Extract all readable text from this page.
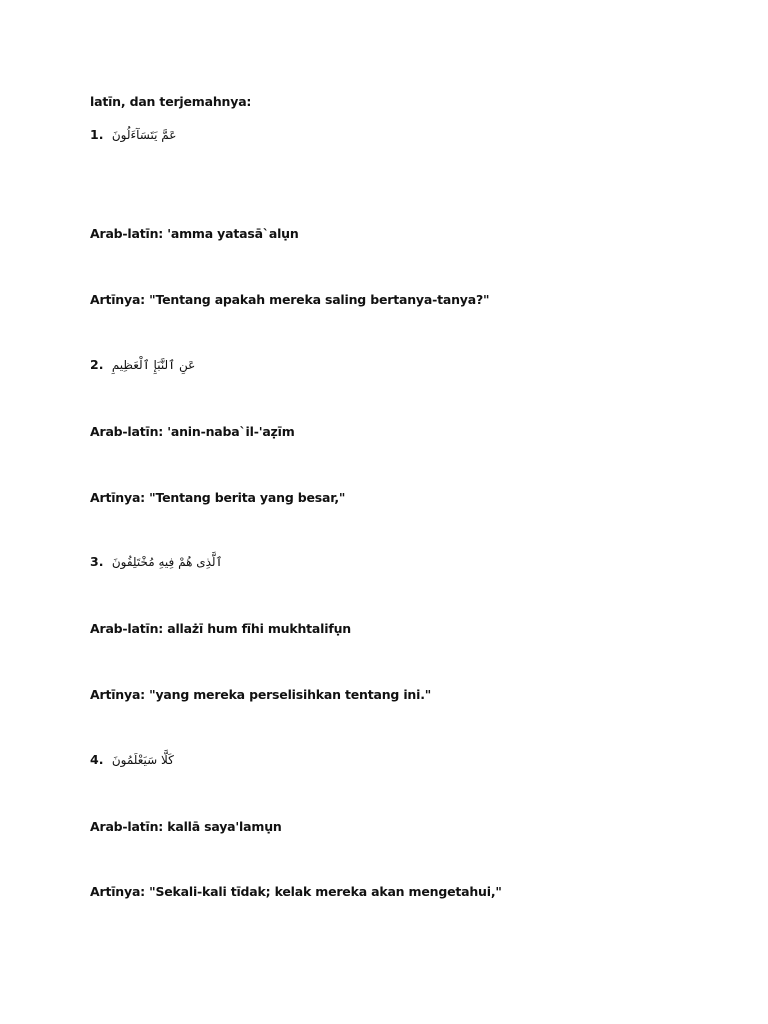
latīn, dan terjemahnya:
1. عَمَّ يَتَسَآءَلُونَ
Arab-latīn: 'amma yatasā`alụn
Artīnya: "Tentang apakah mereka saling bertanya-tanya?"
2. عَنِ ٱلنَّبَإِ ٱلْعَظِيمِ
Arab-latīn: 'anin-naba`il-'aẓīm
Artīnya: "Tentang berita yang besar,"
3. ٱلَّذِى هُمْ فِيهِ مُخْتَلِفُونَ
Arab-latīn: allażī hum fīhi mukhtalifụn
Artīnya: "yang mereka perselisihkan tentang ini."
4. كَلَّا سَيَعْلَمُونَ
Arab-latīn: kallā saya'lamụn
Artīnya: "Sekali-kali tīdak; kelak mereka akan mengetahui,"
